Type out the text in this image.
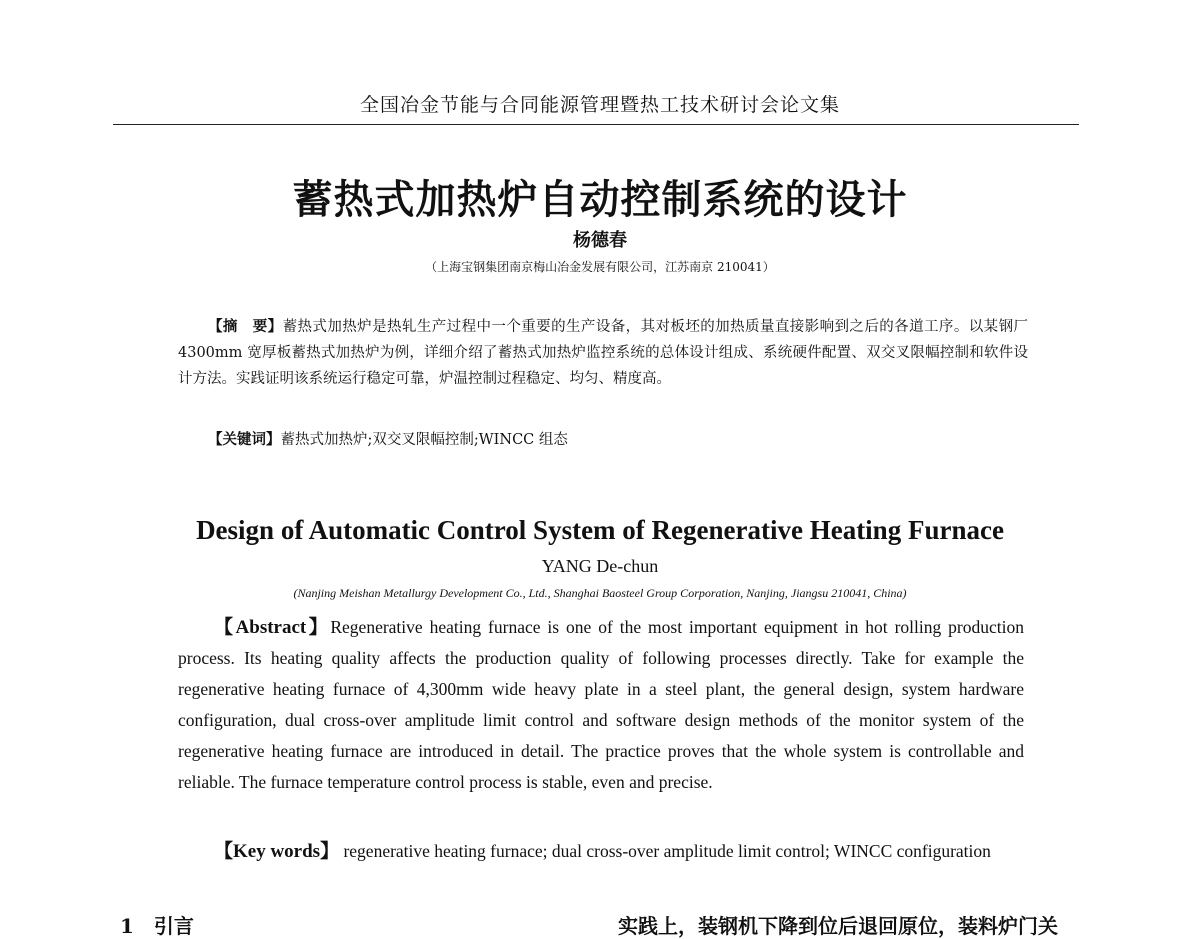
全国冶金节能与合同能源管理暨热工技术研讨会论文集
蓄热式加热炉自动控制系统的设计
杨德春
（上海宝钢集团南京梅山冶金发展有限公司，江苏南京 210041）
【摘　要】蓄热式加热炉是热轧生产过程中一个重要的生产设备，其对板坯的加热质量直接影响到之后的各道工序。以某钢厂 4300mm 宽厚板蓄热式加热炉为例，详细介绍了蓄热式加热炉监控系统的总体设计组成、系统硬件配置、双交叉限幅控制和软件设计方法。实践证明该系统运行稳定可靠，炉温控制过程稳定、均匀、精度高。
【关键词】蓄热式加热炉;双交叉限幅控制;WINCC 组态
Design of Automatic Control System of Regenerative Heating Furnace
YANG De-chun
(Nanjing Meishan Metallurgy Development Co., Ltd., Shanghai Baosteel Group Corporation, Nanjing, Jiangsu 210041, China)
【Abstract】Regenerative heating furnace is one of the most important equipment in hot rolling production process. Its heating quality affects the production quality of following processes directly. Take for example the regenerative heating furnace of 4,300mm wide heavy plate in a steel plant, the general design, system hardware configuration, dual cross-over amplitude limit control and software design methods of the monitor system of the regenerative heating furnace are introduced in detail. The practice proves that the whole system is controllable and reliable. The furnace temperature control process is stable, even and precise.
【Key words】 regenerative heating furnace; dual cross-over amplitude limit control; WINCC configuration
1　引言	实践上，装钢机下降到位后退回原位，装料炉门关
